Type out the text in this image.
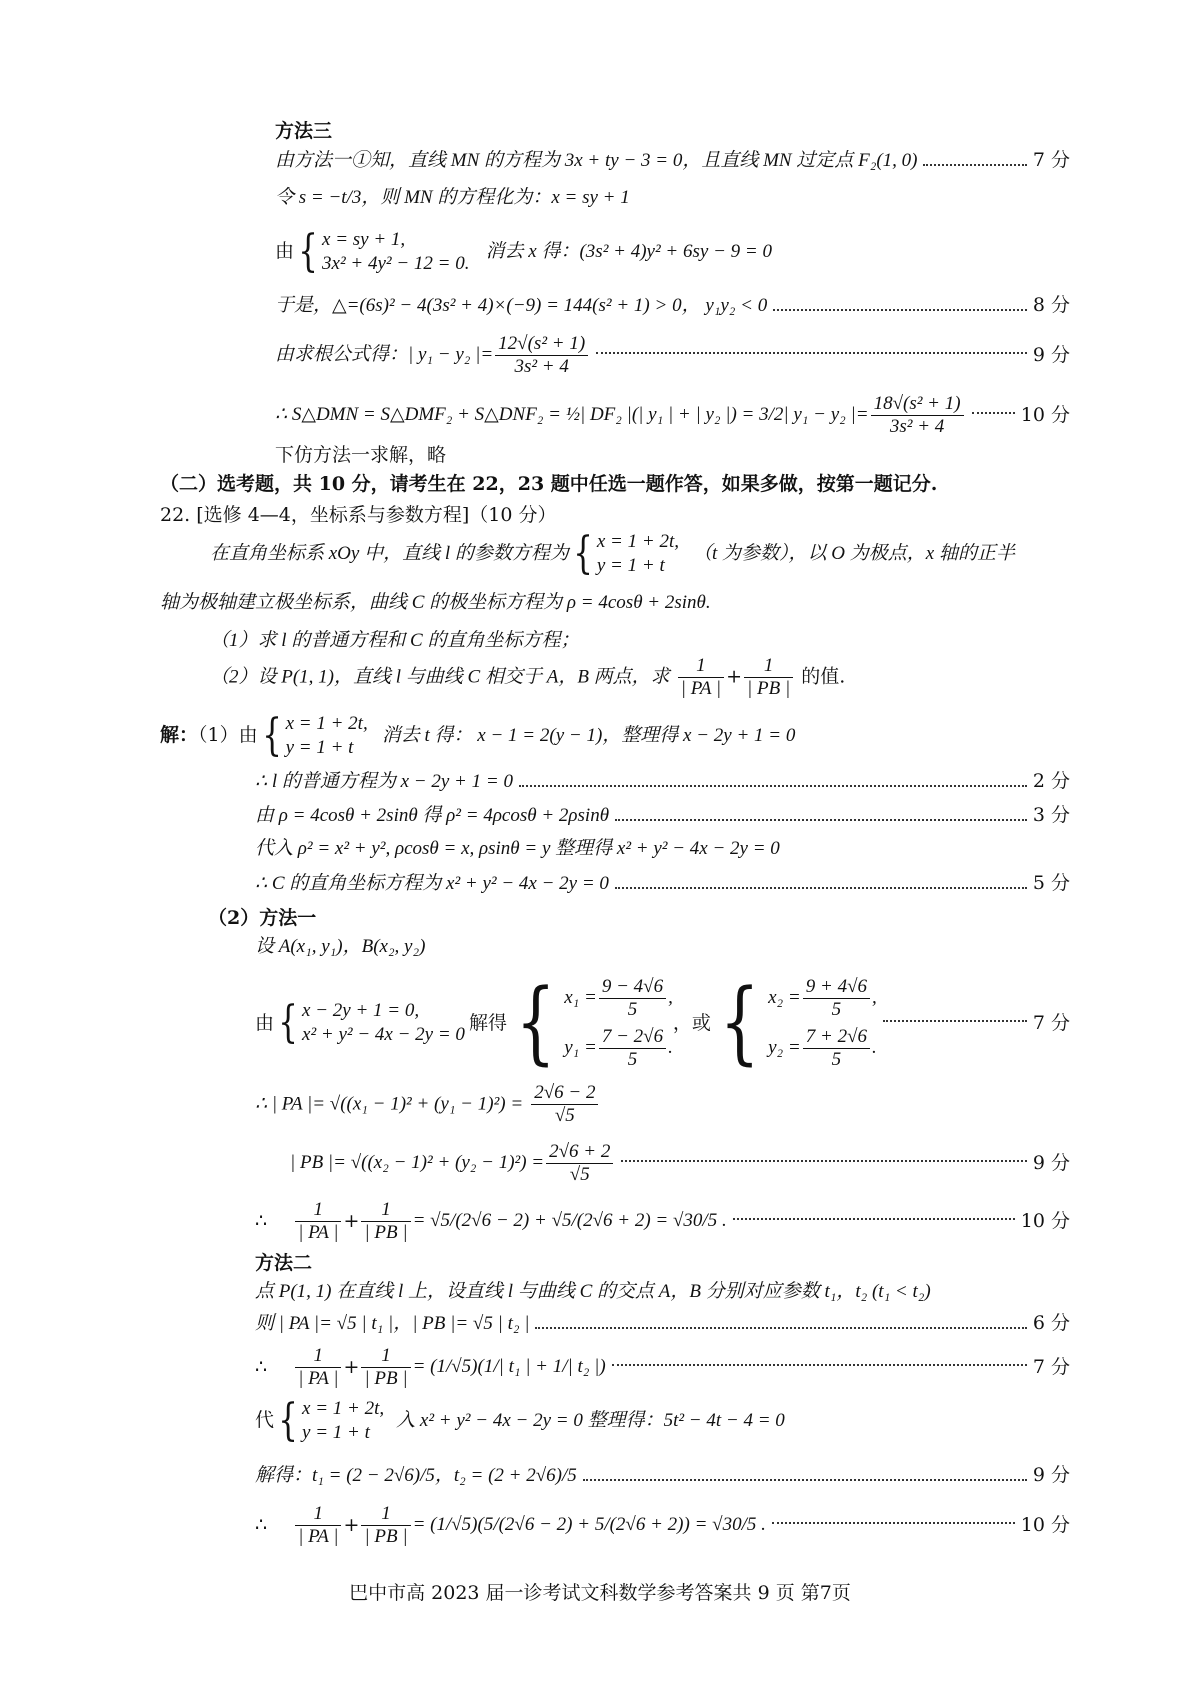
方法三
由方法一①知，直线 MN 的方程为 3x + ty − 3 = 0，且直线 MN 过定点 F₂(1, 0)	7 分
令 s = −t/3，则 MN 的方程化为：x = sy + 1
由{ x = sy + 1,
3x² + 4y² − 12 = 0.
消去 x 得：(3s² + 4)y² + 6sy − 9 = 0
于是，△=(6s)² − 4(3s² + 4)×(−9) = 144(s² + 1) > 0， y₁y₂ < 0	8 分
由求根公式得：| y₁ − y₂ |= $\frac{\text{12√(s² + 1)}}{\text{3s² + 4}}$	9 分
∴ S△DMN = S△DMF₂ + S△DNF₂ = ½| DF₂ |(| y₁ | + | y₂ |) = 3/2| y₁ − y₂ |= $\frac{\text{18√(s² + 1)}}{\text{3s² + 4}}$	10 分
下仿方法一求解，略
（二）选考题，共 10 分，请考生在 22，23 题中任选一题作答，如果多做，按第一题记分.
22. [选修 4—4，坐标系与参数方程]（10 分）
在直角坐标系 xOy 中，直线 l 的参数方程为{ x = 1 + 2t,
y = 1 + t
（t 为参数），以 O 为极点，x 轴的正半
轴为极轴建立极坐标系，曲线 C 的极坐标方程为 ρ = 4cosθ + 2sinθ.
（1）求 l 的普通方程和 C 的直角坐标方程；
（2）设 P(1, 1)，直线 l 与曲线 C 相交于 A，B 两点，求 $\frac{1}{| PA |} + \frac{1}{| PB |}$ 的值.
解：（1）由{ x = 1 + 2t,
y = 1 + t
消去 t 得： x − 1 = 2(y − 1)，整理得 x − 2y + 1 = 0
∴ l 的普通方程为 x − 2y + 1 = 0	2 分
由 ρ = 4cosθ + 2sinθ 得 ρ² = 4ρcosθ + 2ρsinθ	3 分
代入 ρ² = x² + y², ρcosθ = x, ρsinθ = y 整理得 x² + y² − 4x − 2y = 0
∴ C 的直角坐标方程为 x² + y² − 4x − 2y = 0	5 分
（2）方法一
设 A(x₁, y₁)，B(x₂, y₂)
由 { x − 2y + 1 = 0,
x² + y² − 4x − 2y = 0
解得 { $x_1 = \frac{9 - 4√6}{5}$ ,
$y_1 = \frac{7 - 2√6}{5}$ .
，或 { $x_2 = \frac{9 + 4√6}{5}$ ,
$y_2 = \frac{7 + 2√6}{5}$ .
7 分
∴ | PA |= $√((x_1 - 1)^2 + (y_1 - 1)^2) = \frac{2√6 - 2}{√5}$
| PB |= $√((x_2 - 1)^2 + (y_2 - 1)^2) = \frac{2√6 + 2}{√5}$	9 分
∴ $\frac{1}{| PA |} + \frac{1}{| PB |} = √5/(2√6 - 2) + √5/(2√6 + 2) = √30/5$ .	10 分
方法二
点 P(1, 1) 在直线 l 上，设直线 l 与曲线 C 的交点 A，B 分别对应参数 t₁，t₂ (t₁ < t₂)
则 | PA |= √5 | t₁ |，| PB |= √5 | t₂ |	6 分
∴ $\frac{1}{| PA |} + \frac{1}{| PB |} = (1/√5)(1/|$ t₁ | + 1/| t₂ |)	7 分
代{ x = 1 + 2t,
y = 1 + t
入 x² + y² − 4x − 2y = 0 整理得：5t² − 4t − 4 = 0
解得：t₁ = (2 − 2√6)/5，t₂ = (2 + 2√6)/5	9 分
∴ $\frac{1}{| PA |} + \frac{1}{| PB |} = (1/√5)(5/(2√6 - 2) + 5/(2√6 + 2)) = √30/5$ .	10 分
巴中市高 2023 届一诊考试文科数学参考答案共 9 页 第7页
